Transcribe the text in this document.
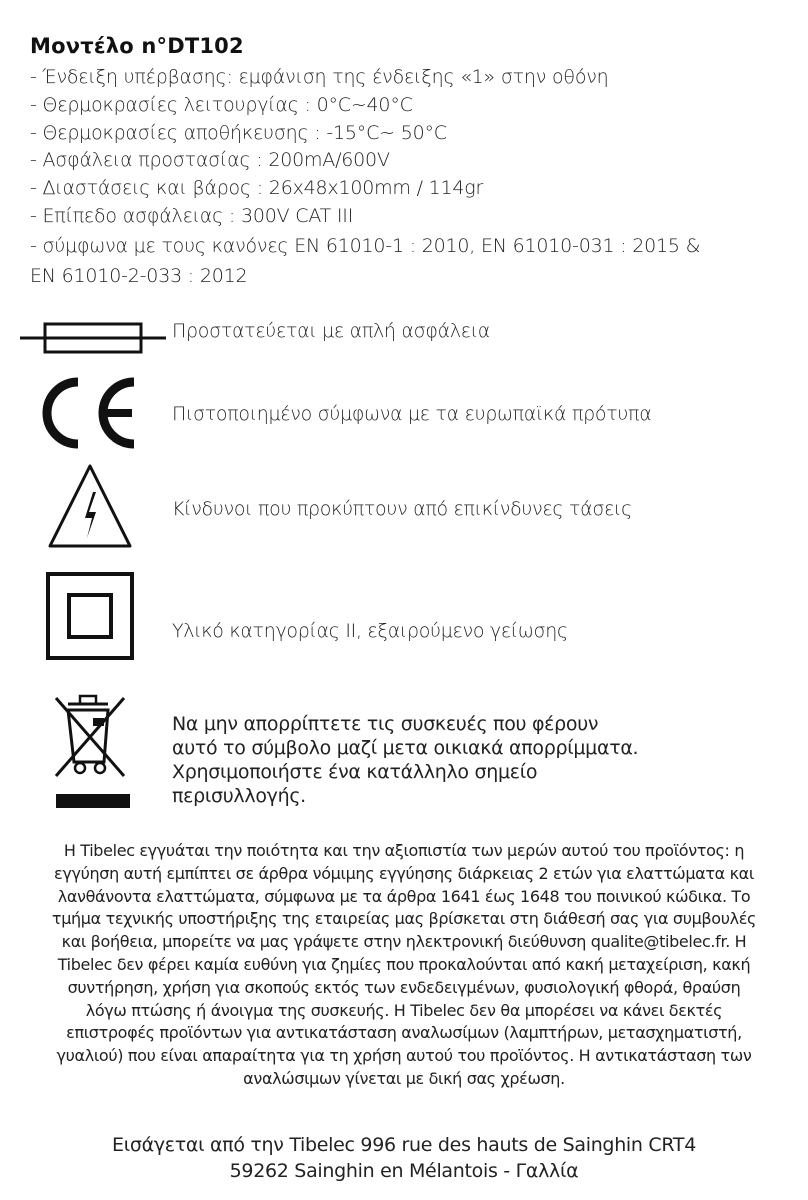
Μοντέλο n°DT102
- Ένδειξη υπέρβασης: εμφάνιση της ένδειξης «1» στην οθόνη
- Θερμοκρασίες λειτουργίας : 0°C~40°C
- Θερμοκρασίες αποθήκευσης : -15°C~ 50°C
- Ασφάλεια προστασίας : 200mA/600V
- Διαστάσεις και βάρος : 26x48x100mm / 114gr
- Επίπεδο ασφάλειας : 300V CAT III
- σύμφωνα με τους κανόνες EN 61010-1 : 2010, EN 61010-031 : 2015 &
EN 61010-2-033 : 2012
Προστατεύεται με απλή ασφάλεια
Πιστοποιημένο σύμφωνα με τα ευρωπαϊκά πρότυπα
Κίνδυνοι που προκύπτουν από επικίνδυνες τάσεις
Υλικό κατηγορίας II, εξαιρούμενο γείωσης
Να μην απορρίπτετε τις συσκευές που φέρουν
αυτό το σύμβολο μαζί μετα οικιακά απορρίμματα.
Χρησιμοποιήστε ένα κατάλληλο σημείο
περισυλλογής.
Η Tibelec εγγυάται την ποιότητα και την αξιοπιστία των μερών αυτού του προϊόντος: η
εγγύηση αυτή εμπίπτει σε άρθρα νόμιμης εγγύησης διάρκειας 2 ετών για ελαττώματα και
λανθάνοντα ελαττώματα, σύμφωνα με τα άρθρα 1641 έως 1648 του ποινικού κώδικα. Το
τμήμα τεχνικής υποστήριξης της εταιρείας μας βρίσκεται στη διάθεσή σας για συμβουλές
και βοήθεια, μπορείτε να μας γράψετε στην ηλεκτρονική διεύθυνση qualite@tibelec.fr. Η
Tibelec δεν φέρει καμία ευθύνη για ζημίες που προκαλούνται από κακή μεταχείριση, κακή
συντήρηση, χρήση για σκοπούς εκτός των ενδεδειγμένων, φυσιολογική φθορά, θραύση
λόγω πτώσης ή άνοιγμα της συσκευής. Η Tibelec δεν θα μπορέσει να κάνει δεκτές
επιστροφές προϊόντων για αντικατάσταση αναλωσίμων (λαμπτήρων, μετασχηματιστή,
γυαλιού) που είναι απαραίτητα για τη χρήση αυτού του προϊόντος. Η αντικατάσταση των
αναλώσιμων γίνεται με δική σας χρέωση.
Εισάγεται από την Tibelec 996 rue des hauts de Sainghin CRT4
59262 Sainghin en Mélantois - Γαλλία
